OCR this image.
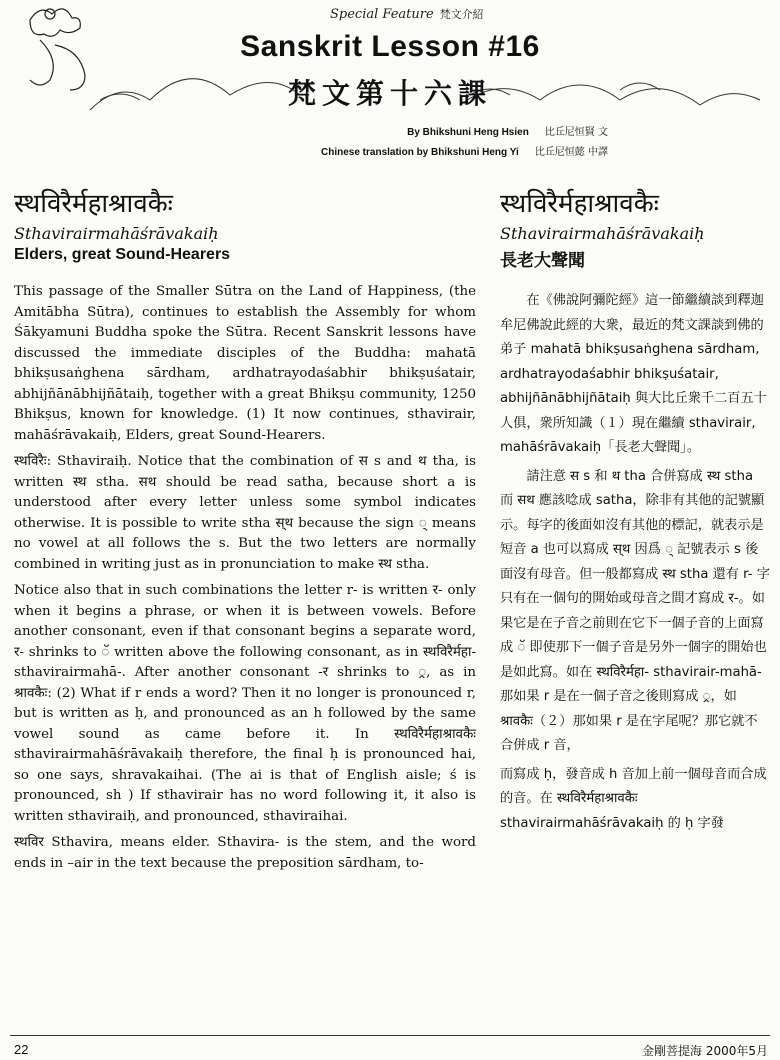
Special Feature 梵文介紹
Sanskrit Lesson #16
梵文第十六課
By Bhikshuni Heng Hsien 比丘尼恒賢 文
Chinese translation by Bhikshuni Heng Yi 比丘尼恒懿 中譯
स्थविरैर्महाश्रावकैः
Sthavirairmahāśrāvakaiḥ
Elders, great Sound-Hearers

This passage of the Smaller Sūtra on the Land of Happiness, (the Amitābha Sūtra), continues to establish the Assembly for whom Śākyamuni Buddha spoke the Sūtra. Recent Sanskrit lessons have discussed the immediate disciples of the Buddha: mahatā bhikṣusaṅghena sārdham, ardhatrayodaśabhir bhikṣuśatair, abhijñānābhijñātaiḥ, together with a great Bhikṣu community, 1250 Bhikṣus, known for knowledge. (1) It now continues, sthavirair, mahāśrāvakaiḥ, Elders, great Sound-Hearers.

स्थविरैः: Sthaviraiḥ. Notice that the combination of स s and थ tha, is written स्थ stha. सथ should be read satha, because short a is understood after every letter unless some symbol indicates otherwise. It is possible to write stha स्‌थ because the sign ् means no vowel at all follows the s. But the two letters are normally combined in writing just as in pronunciation to make स्थ stha.

Notice also that in such combinations the letter r- is written र- only when it begins a phrase, or when it is between vowels. Before another consonant, even if that consonant begins a separate word, र- shrinks to ॅ written above the following consonant, as in स्थविरैर्महा- sthavirairmahā-. After another consonant -र shrinks to ्र, as in श्रावकैः: (2) What if r ends a word? Then it no longer is pronounced r, but is written as ḥ, and pronounced as an h followed by the same vowel sound as came before it. In स्थविरैर्महाश्रावकैः sthavirairmahāśrāvakaiḥ therefore, the final ḥ is pronounced hai, so one says, shravakaihai. (The ai is that of English aisle; ś is pronounced, sh ) If sthavirair has no word following it, it also is written sthaviraiḥ, and pronounced, sthaviraihai.

स्थविर Sthavira, means elder. Sthavira- is the stem, and the word ends in –air in the text because the preposition sārdham, to-

स्थविरैर्महाश्रावकैः
Sthavirairmahāśrāvakaiḥ
長老大聲聞

在《佛說阿彌陀經》這一節繼續談到釋迦牟尼佛說此經的大衆，最近的梵文課談到佛的弟子 mahatā bhikṣusaṅghena sārdham, ardhatrayodaśabhir bhikṣuśatair, abhijñānābhijñātaiḥ 與大比丘衆千二百五十人俱，衆所知識（１）現在繼續 sthavirair, mahāśrāvakaiḥ「長老大聲聞」。

請注意 स s 和 थ tha 合併寫成 स्थ stha 而 सथ 應該唸成 satha，除非有其他的記號顯示。每字的後面如沒有其他的標記，就表示是短音 a 也可以寫成 स्‌थ 因爲 ् 記號表示 s 後面沒有母音。但一般都寫成 स्थ stha 還有 r- 字只有在一個句的開始或母音之間才寫成 र-。如果它是在子音之前則在它下一個子音的上面寫成 ॅ 即使那下一個子音是另外一個字的開始也是如此寫。如在 स्थविरैर्महा- sthavirair-mahā- 那如果 r 是在一個子音之後則寫成 ्र，如 श्रावकैः（２）那如果 r 是在字尾呢？那它就不合併成 r 音，

而寫成 ḥ，發音成 h 音加上前一個母音而合成的音。在 स्थविरैर्महाश्रावकैः sthavirairmahāśrāvakaiḥ 的 ḥ 字發

22	金剛菩提海 2000年5月
